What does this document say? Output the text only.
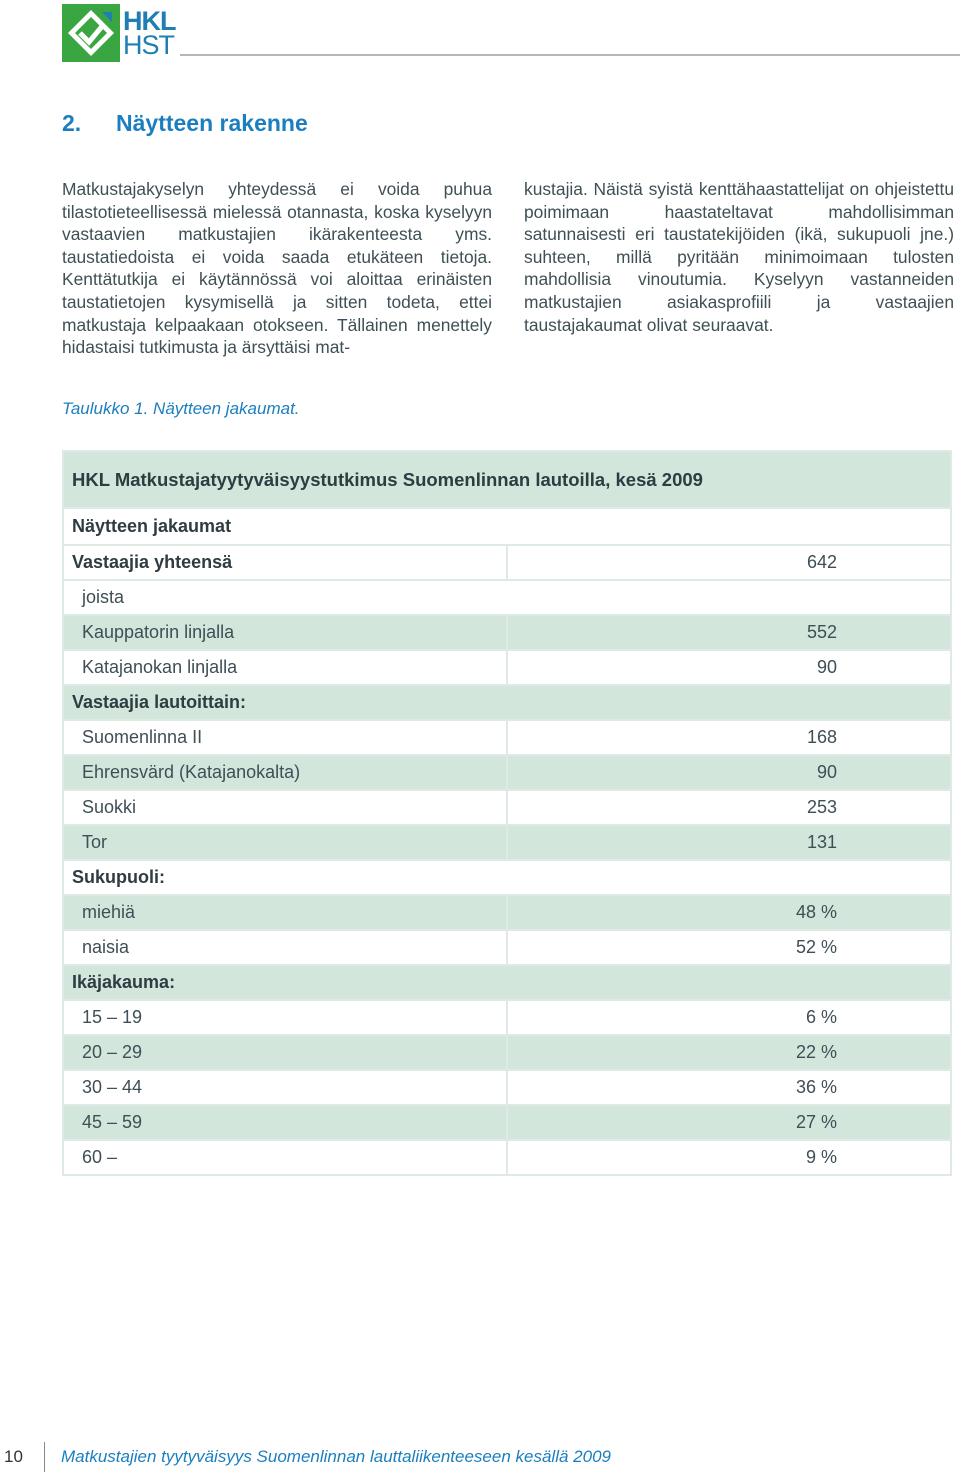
HKL
HST
2. Näytteen rakenne

Matkustajakyselyn yhteydessä ei voida puhua tilastotieteellisessä mielessä otannasta, koska kyselyyn vastaavien matkustajien ikärakenteesta yms. taustatiedoista ei voida saada etukäteen tietoja. Kenttätutkija ei käytännössä voi aloittaa erinäisten taustatietojen kysymisellä ja sitten todeta, ettei matkustaja kelpaakaan otokseen. Tällainen menettely hidastaisi tutkimusta ja ärsyttäisi mat-

kustajia. Näistä syistä kenttähaastattelijat on ohjeistettu poimimaan haastateltavat mahdollisimman satunnaisesti eri taustatekijöiden (ikä, sukupuoli jne.) suhteen, millä pyritään minimoimaan tulosten mahdollisia vinoutumia. Kyselyyn vastanneiden matkustajien asiakasprofiili ja vastaajien taustajakaumat olivat seuraavat.

Taulukko 1. Näytteen jakaumat.

HKL Matkustajatyytyväisyystutkimus Suomenlinnan lautoilla, kesä 2009	
Näytteen jakaumat	
Vastaajia yhteensä	642
joista	
Kauppatorin linjalla	552
Katajanokan linjalla	90
Vastaajia lautoittain:	
Suomenlinna II	168
Ehrensvärd (Katajanokalta)	90
Suokki	253
Tor	131
Sukupuoli:	
miehiä	48 %
naisia	52 %
Ikäjakauma:	
15 – 19	6 %
20 – 29	22 %
30 – 44	36 %
45 – 59	27 %
60 –	9 %
10	Matkustajien tyytyväisyys Suomenlinnan lauttaliikenteeseen kesällä 2009
